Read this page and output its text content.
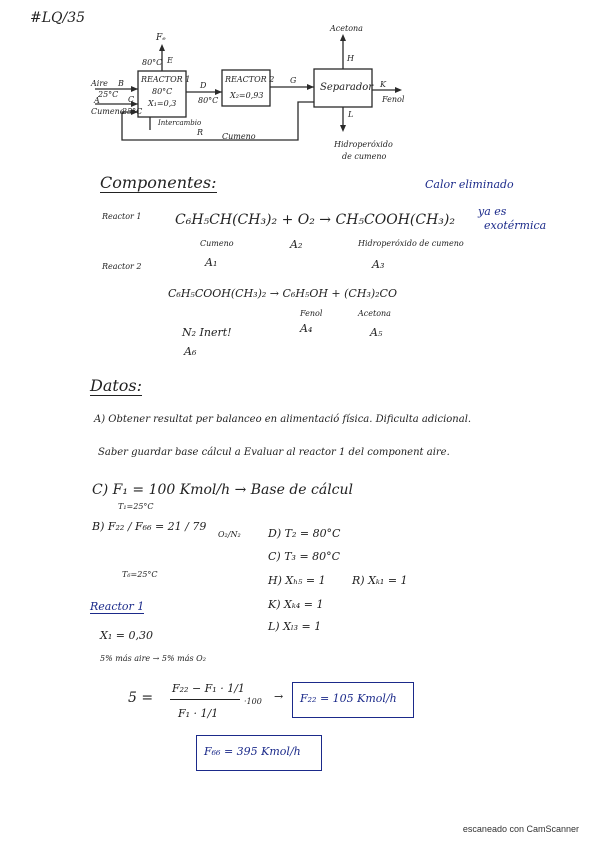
#LQ/35
REACTOR 1
80°C
X₁=0,3
REACTOR 2
X₂=0,93
Separador
Fₑ
E
80°C
Aire B
25°C
A	C
Cumeno
25°C
D
80°C
G
Acetona
H
K
Fenol
L
R
Intercambio
Cumeno
Hidroperóxido
de cumeno
Componentes:	Calor eliminado
ya es
exotérmica
Reactor 1 C₆H₅CH(CH₃)₂ + O₂ → CH₅COOH(CH₃)₂
Cumeno	Hidroperóxido de cumeno
A₁
A₂
A₃
Reactor 2
C₆H₅COOH(CH₃)₂ → C₆H₅OH + (CH₃)₂CO
Fenol	Acetona
A₄	A₅
N₂ Inert!
A₆
Datos:
A) Obtener resultat per balanceo en alimentació física. Dificulta adicional.
Saber guardar base cálcul a Evaluar al reactor 1 del component aire.
C) F₁ = 100 Kmol/h → Base de cálcul
T₁=25°C
B) F₂₂ / F₆₆ = 21 / 79
O₂/N₂
T₆=25°C
D) T₂ = 80°C
C) T₃ = 80°C
H) Xₕ₅ = 1 R) Xₖ₁ = 1
K) Xₖ₄ = 1
L) Xₗ₃ = 1
Reactor 1
X₁ = 0,30
5% más aire → 5% más O₂
5 =
F₂₂ − F₁ · 1/1
F₁ · 1/1
·100 → F₂₂ = 105 Kmol/h
F₆₆ = 395 Kmol/h
escaneado con CamScanner
